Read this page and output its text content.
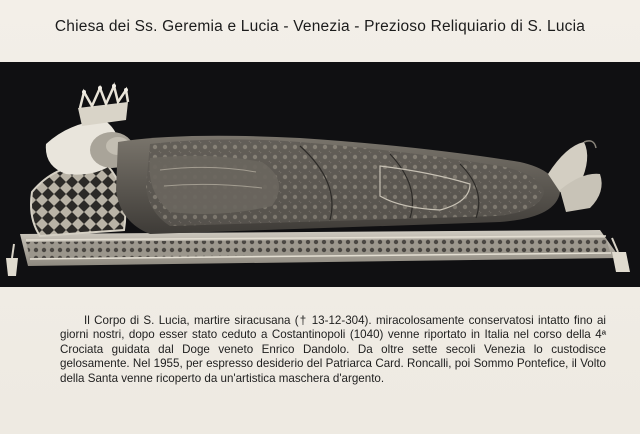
Chiesa dei Ss. Geremia e Lucia - Venezia - Prezioso Reliquiario di S. Lucia

Il Corpo di S. Lucia, martire siracusana († 13-12-304). miracolosamente conservatosi intatto fino ai giorni nostri, dopo esser stato ceduto a Costantinopoli (1040) venne riportato in Italia nel corso della 4ª Crociata guidata dal Doge veneto Enrico Dandolo. Da oltre sette secoli Venezia lo custodisce gelosamente. Nel 1955, per espresso desiderio del Patriarca Card. Roncalli, poi Sommo Pontefice, il Volto della Santa venne ricoperto da un'artistica maschera d'argento.
